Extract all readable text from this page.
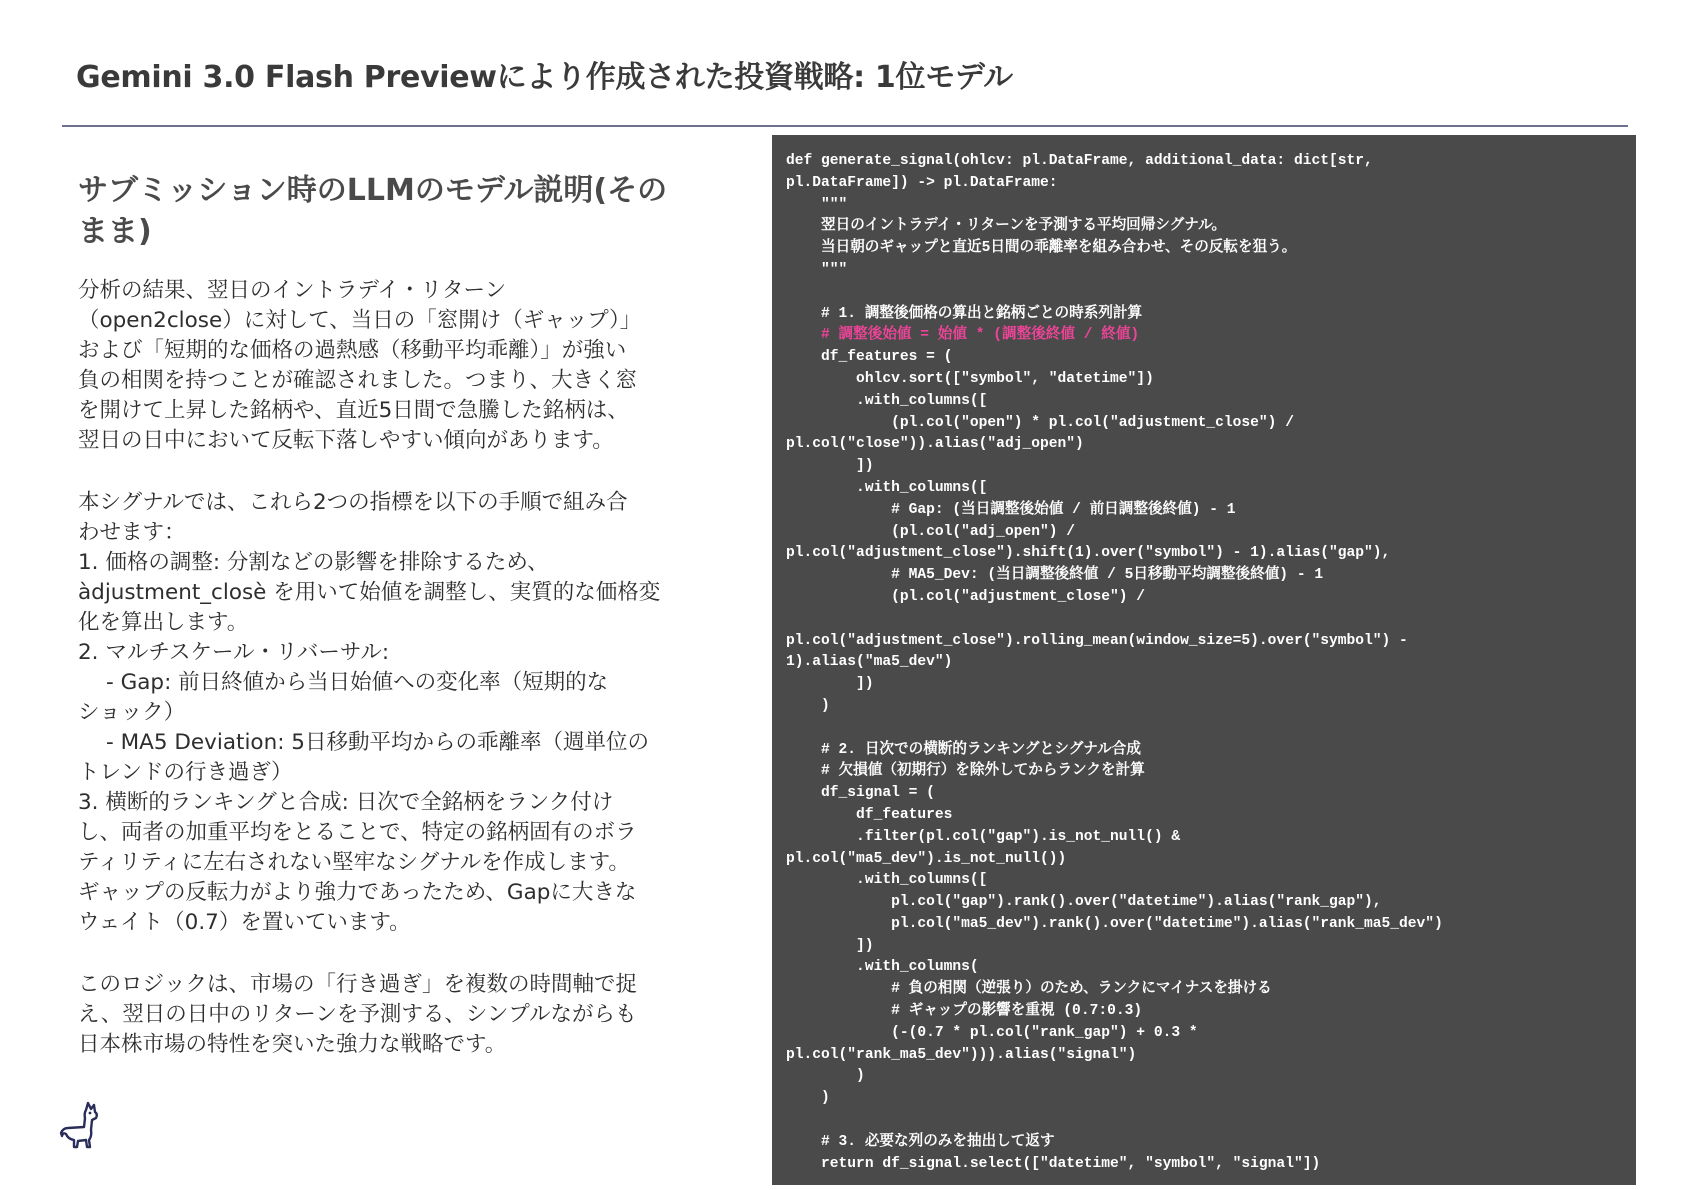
Gemini 3.0 Flash Previewにより作成された投資戦略: 1位モデル
サブミッション時のLLMのモデル説明(その
まま)
分析の結果、翌日のイントラデイ・リターン
（open2close）に対して、当日の「窓開け（ギャップ）」
および「短期的な価格の過熱感（移動平均乖離）」が強い
負の相関を持つことが確認されました。つまり、大きく窓
を開けて上昇した銘柄や、直近5日間で急騰した銘柄は、
翌日の日中において反転下落しやすい傾向があります。
本シグナルでは、これら2つの指標を以下の手順で組み合
わせます：
1. 価格の調整: 分割などの影響を排除するため、
àdjustment_closè を用いて始値を調整し、実質的な価格変
化を算出します。
2. マルチスケール・リバーサル:
- Gap: 前日終値から当日始値への変化率（短期的な
ショック）
- MA5 Deviation: 5日移動平均からの乖離率（週単位の
トレンドの行き過ぎ）
3. 横断的ランキングと合成: 日次で全銘柄をランク付け
し、両者の加重平均をとることで、特定の銘柄固有のボラ
ティリティに左右されない堅牢なシグナルを作成します。
ギャップの反転力がより強力であったため、Gapに大きな
ウェイト（0.7）を置いています。
このロジックは、市場の「行き過ぎ」を複数の時間軸で捉
え、翌日の日中のリターンを予測する、シンプルながらも
日本株市場の特性を突いた強力な戦略です。
def generate_signal(ohlcv: pl.DataFrame, additional_data: dict[str,
pl.DataFrame]) -> pl.DataFrame:
"""
翌日のイントラデイ・リターンを予測する平均回帰シグナル。
当日朝のギャップと直近5日間の乖離率を組み合わせ、その反転を狙う。
"""

# 1. 調整後価格の算出と銘柄ごとの時系列計算
# 調整後始値 = 始値 * (調整後終値 / 終値)
df_features = (
ohlcv.sort(["symbol", "datetime"])
.with_columns([
(pl.col("open") * pl.col("adjustment_close") /
pl.col("close")).alias("adj_open")
])
.with_columns([
# Gap: (当日調整後始値 / 前日調整後終値) - 1
(pl.col("adj_open") /
pl.col("adjustment_close").shift(1).over("symbol") - 1).alias("gap"),
# MA5_Dev: (当日調整後終値 / 5日移動平均調整後終値) - 1
(pl.col("adjustment_close") /

pl.col("adjustment_close").rolling_mean(window_size=5).over("symbol") -
1).alias("ma5_dev")
])
)

# 2. 日次での横断的ランキングとシグナル合成
# 欠損値（初期行）を除外してからランクを計算
df_signal = (
df_features
.filter(pl.col("gap").is_not_null() &
pl.col("ma5_dev").is_not_null())
.with_columns([
pl.col("gap").rank().over("datetime").alias("rank_gap"),
pl.col("ma5_dev").rank().over("datetime").alias("rank_ma5_dev")
])
.with_columns(
# 負の相関（逆張り）のため、ランクにマイナスを掛ける
# ギャップの影響を重視 (0.7:0.3)
(-(0.7 * pl.col("rank_gap") + 0.3 *
pl.col("rank_ma5_dev"))).alias("signal")
)
)

# 3. 必要な列のみを抽出して返す
return df_signal.select(["datetime", "symbol", "signal"])
